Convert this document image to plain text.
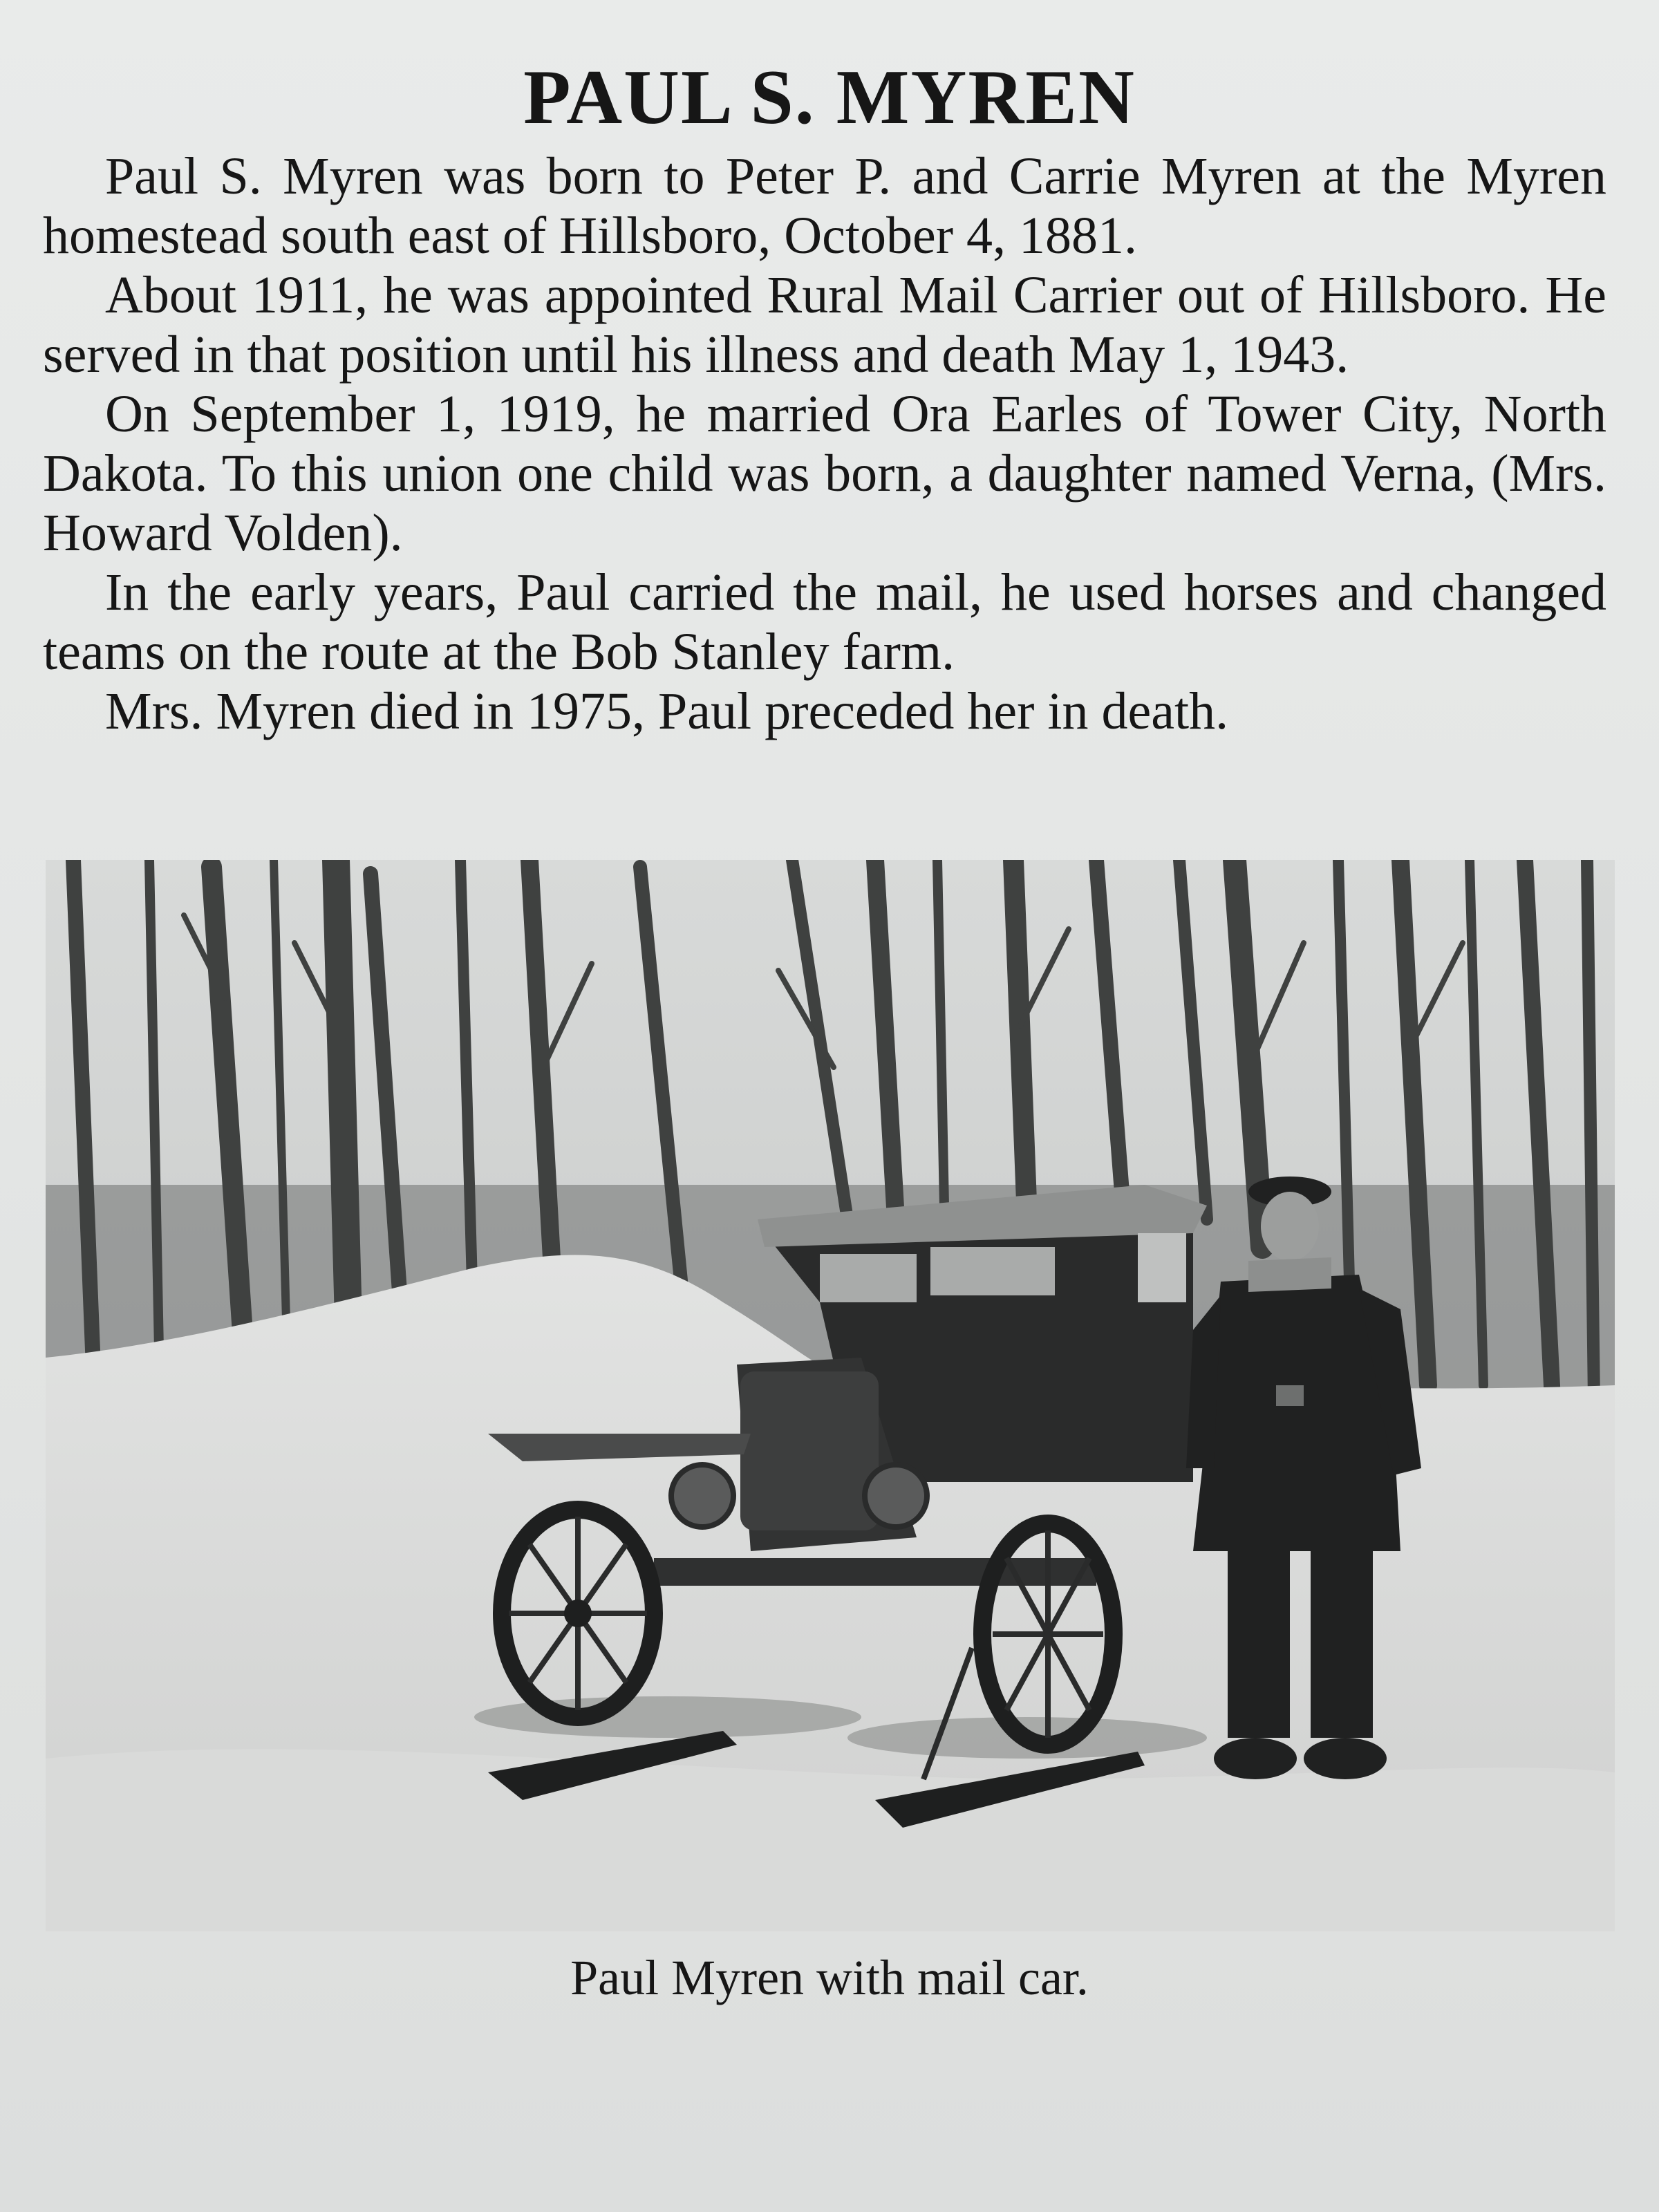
PAUL S. MYREN

Paul S. Myren was born to Peter P. and Carrie Myren at the Myren homestead south east of Hillsboro, October 4, 1881.

About 1911, he was appointed Rural Mail Carrier out of Hillsboro. He served in that position until his illness and death May 1, 1943.

On September 1, 1919, he married Ora Earles of Tower City, North Dakota. To this union one child was born, a daughter named Verna, (Mrs. Howard Volden).

In the early years, Paul carried the mail, he used horses and changed teams on the route at the Bob Stanley farm.

Mrs. Myren died in 1975, Paul preceded her in death.

Paul Myren with mail car.
